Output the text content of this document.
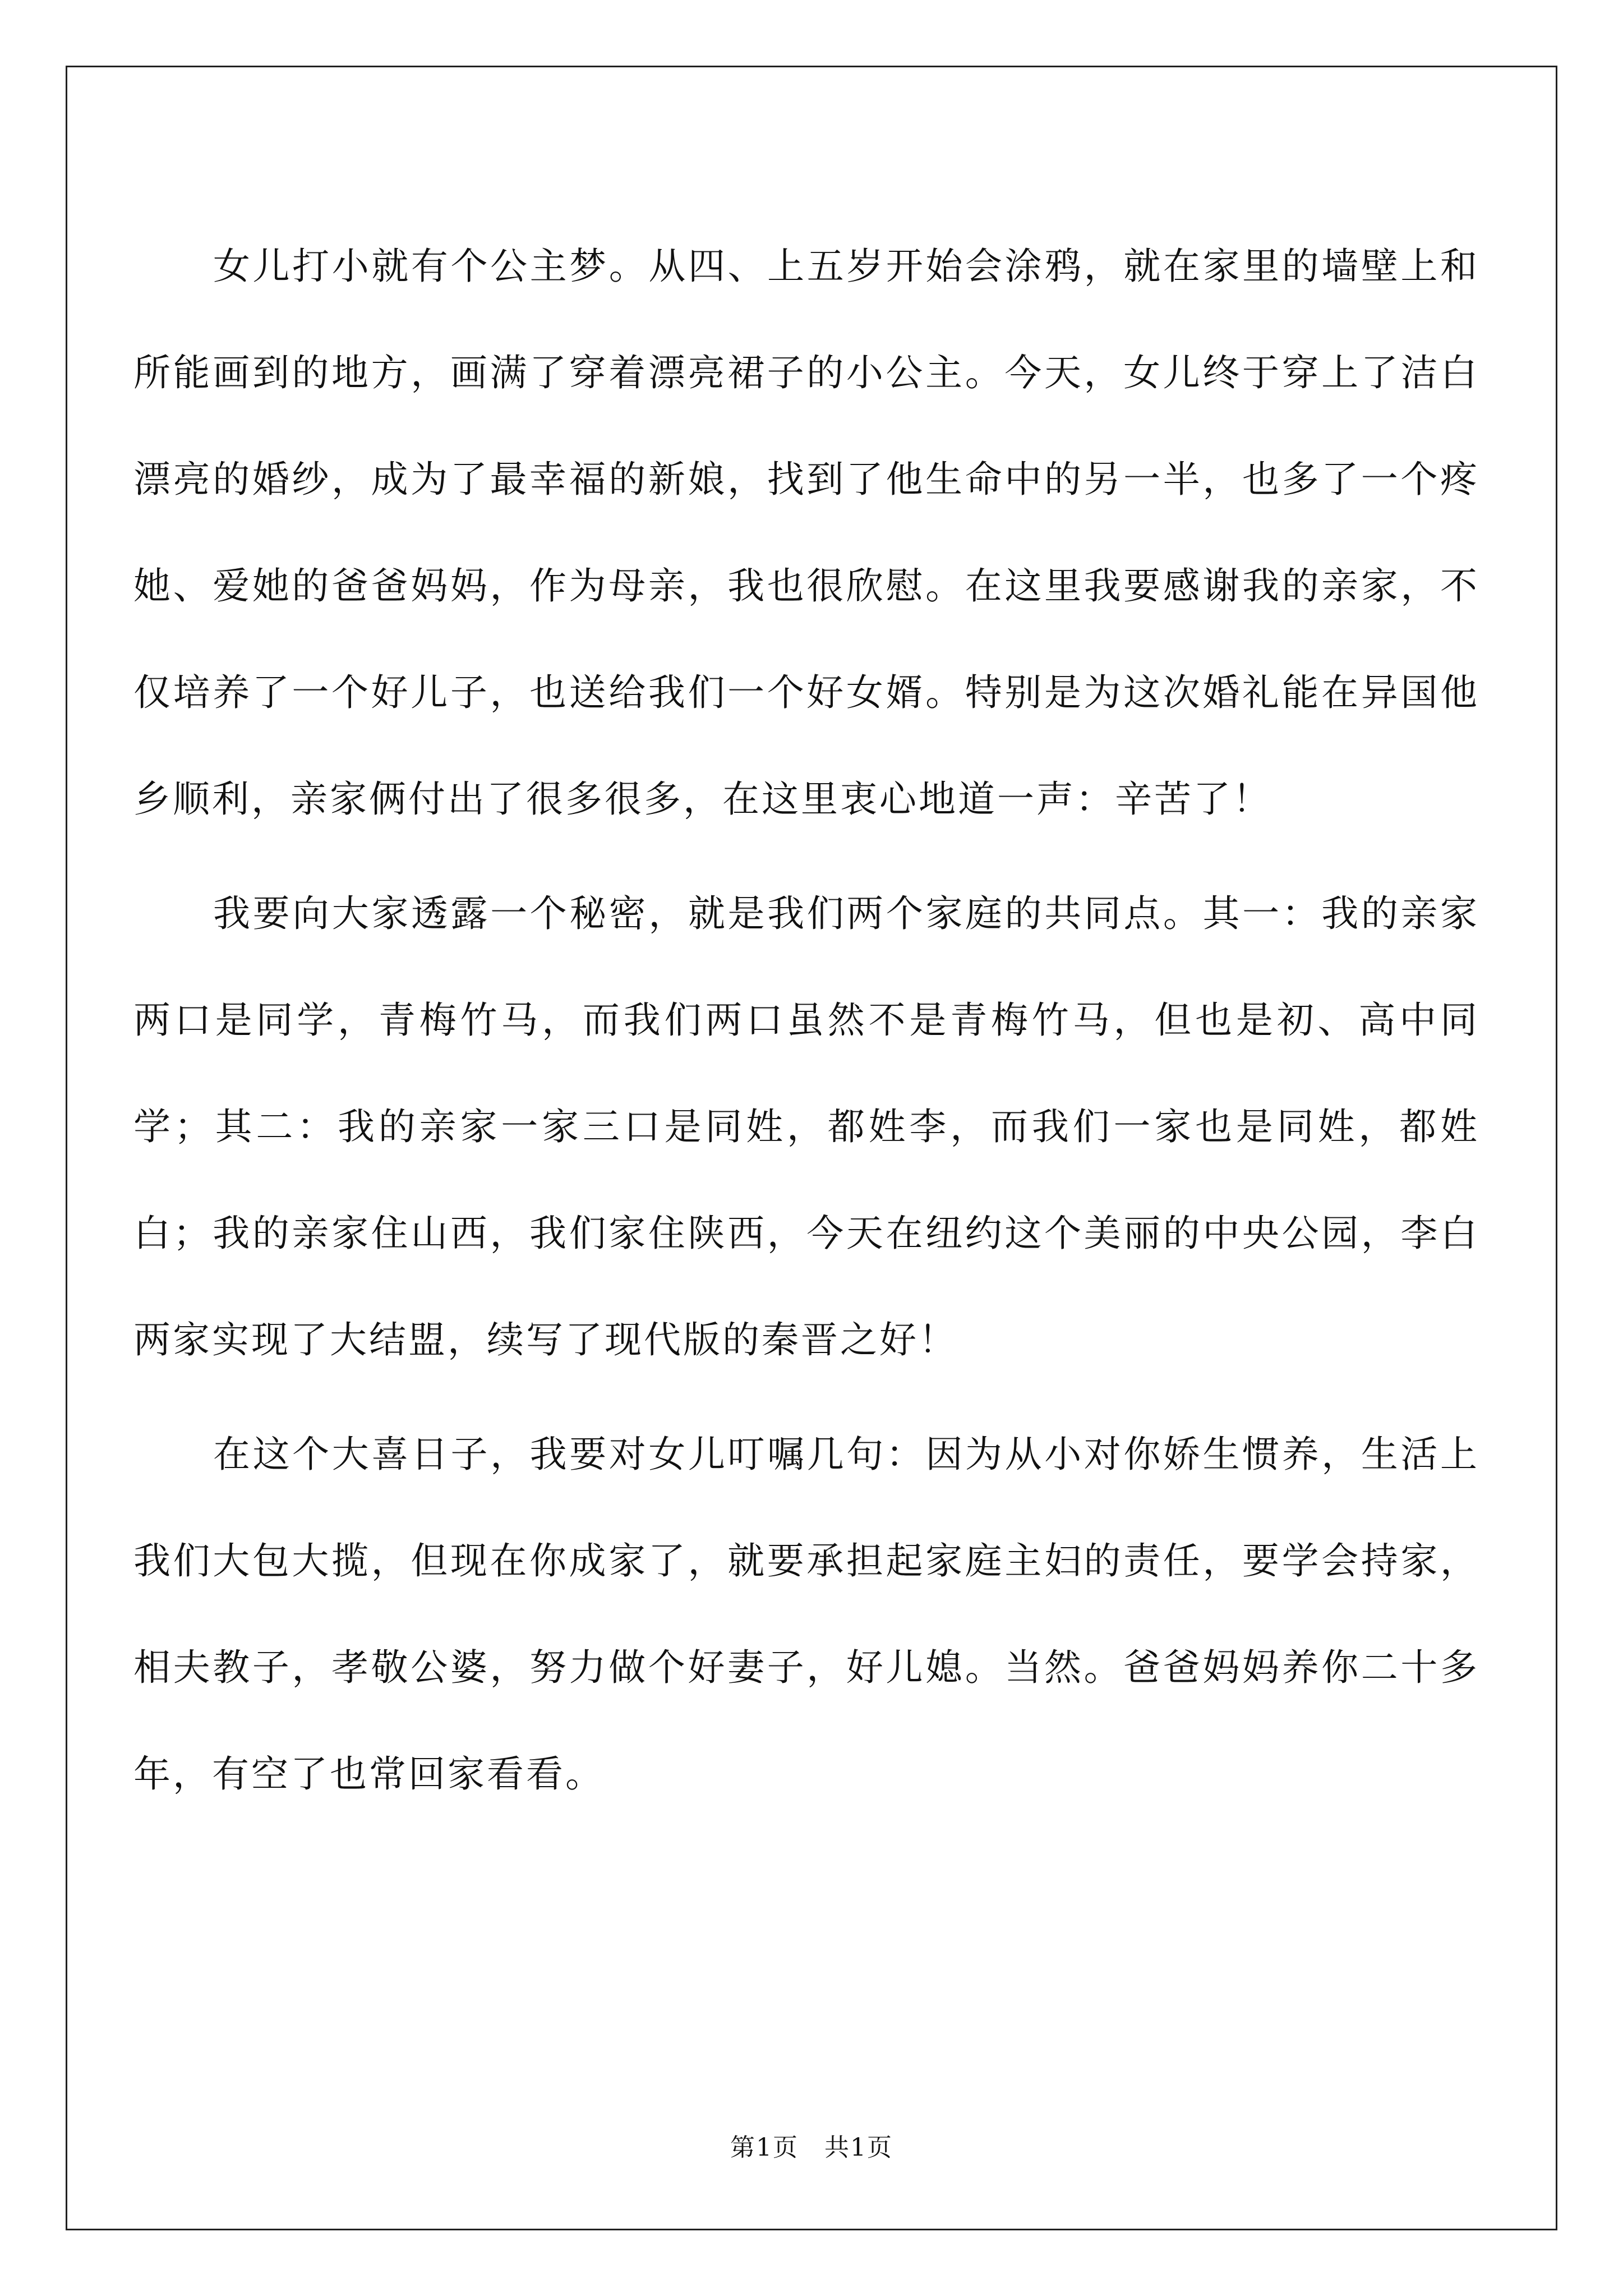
女儿打小就有个公主梦。从四、上五岁开始会涂鸦，就在家里的墙壁上和所能画到的地方，画满了穿着漂亮裙子的小公主。今天，女儿终于穿上了洁白漂亮的婚纱，成为了最幸福的新娘，找到了他生命中的另一半，也多了一个疼她、爱她的爸爸妈妈，作为母亲，我也很欣慰。在这里我要感谢我的亲家，不仅培养了一个好儿子，也送给我们一个好女婿。特别是为这次婚礼能在异国他乡顺利，亲家俩付出了很多很多，在这里衷心地道一声：辛苦了！

我要向大家透露一个秘密，就是我们两个家庭的共同点。其一：我的亲家两口是同学，青梅竹马，而我们两口虽然不是青梅竹马，但也是初、高中同学；其二：我的亲家一家三口是同姓，都姓李，而我们一家也是同姓，都姓白；我的亲家住山西，我们家住陕西，今天在纽约这个美丽的中央公园，李白两家实现了大结盟，续写了现代版的秦晋之好！

在这个大喜日子，我要对女儿叮嘱几句：因为从小对你娇生惯养，生活上我们大包大揽，但现在你成家了，就要承担起家庭主妇的责任，要学会持家，相夫教子，孝敬公婆，努力做个好妻子，好儿媳。当然。爸爸妈妈养你二十多年，有空了也常回家看看。

第1页　共1页
